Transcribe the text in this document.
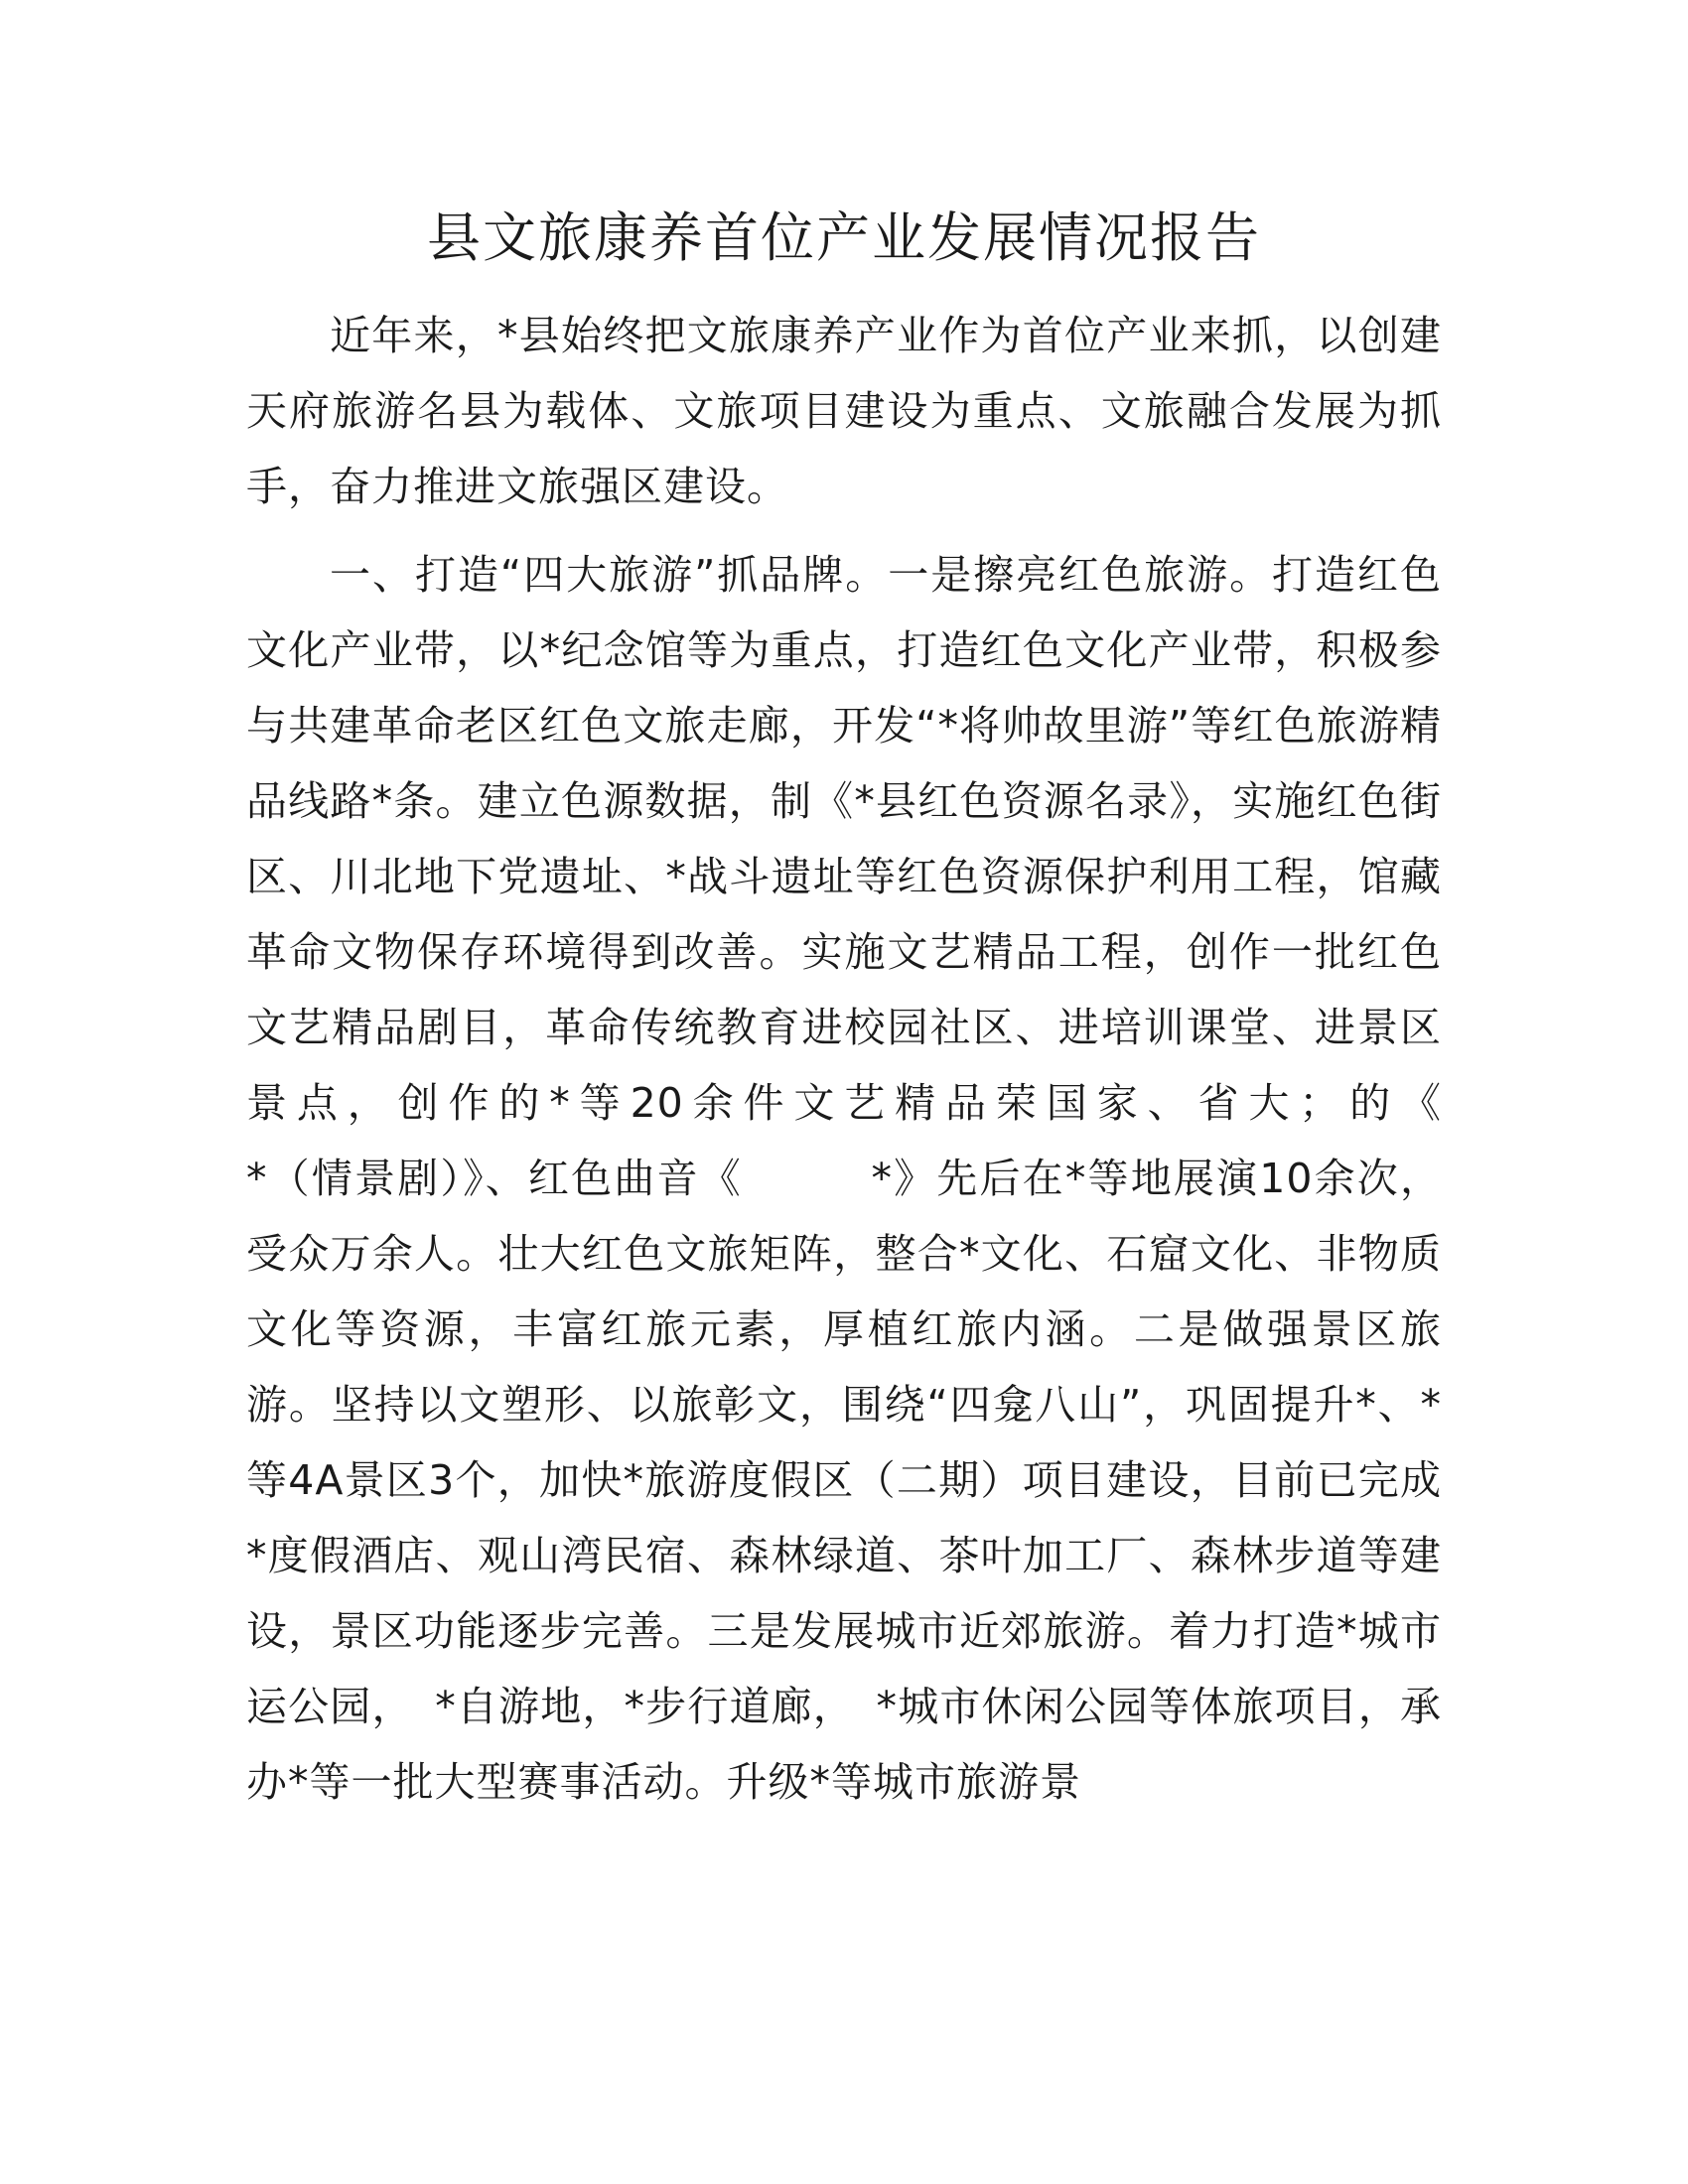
县文旅康养首位产业发展情况报告

近年来，*县始终把文旅康养产业作为首位产业来抓，以创建天府旅游名县为载体、文旅项目建设为重点、文旅融合发展为抓手，奋力推进文旅强区建设。

一、打造“四大旅游”抓品牌。一是擦亮红色旅游。打造红色文化产业带，以*纪念馆等为重点，打造红色文化产业带，积极参与共建革命老区红色文旅走廊，开发“*将帅故里游”等红色旅游精品线路*条。建立色源数据，制《*县红色资源名录》，实施红色街区、川北地下党遗址、*战斗遗址等红色资源保护利用工程，馆藏革命文物保存环境得到改善。实施文艺精品工程，创作一批红色文艺精品剧目，革命传统教育进校园社区、进培训课堂、进景区景点，创作的*等20余件文艺精品荣国家、省大；的《　　　　　*（情景剧）》、红色曲音《　　　*》先后在*等地展演10余次，受众万余人。壮大红色文旅矩阵，整合*文化、石窟文化、非物质文化等资源，丰富红旅元素，厚植红旅内涵。二是做强景区旅游。坚持以文塑形、以旅彰文，围绕“四龛八山”，巩固提升*、*等4A景区3个，加快*旅游度假区（二期）项目建设，目前已完成*度假酒店、观山湾民宿、森林绿道、茶叶加工厂、森林步道等建设，景区功能逐步完善。三是发展城市近郊旅游。着力打造*城市运公园，　*自游地，*步行道廊，　*城市休闲公园等体旅项目，承办*等一批大型赛事活动。升级*等城市旅游景
